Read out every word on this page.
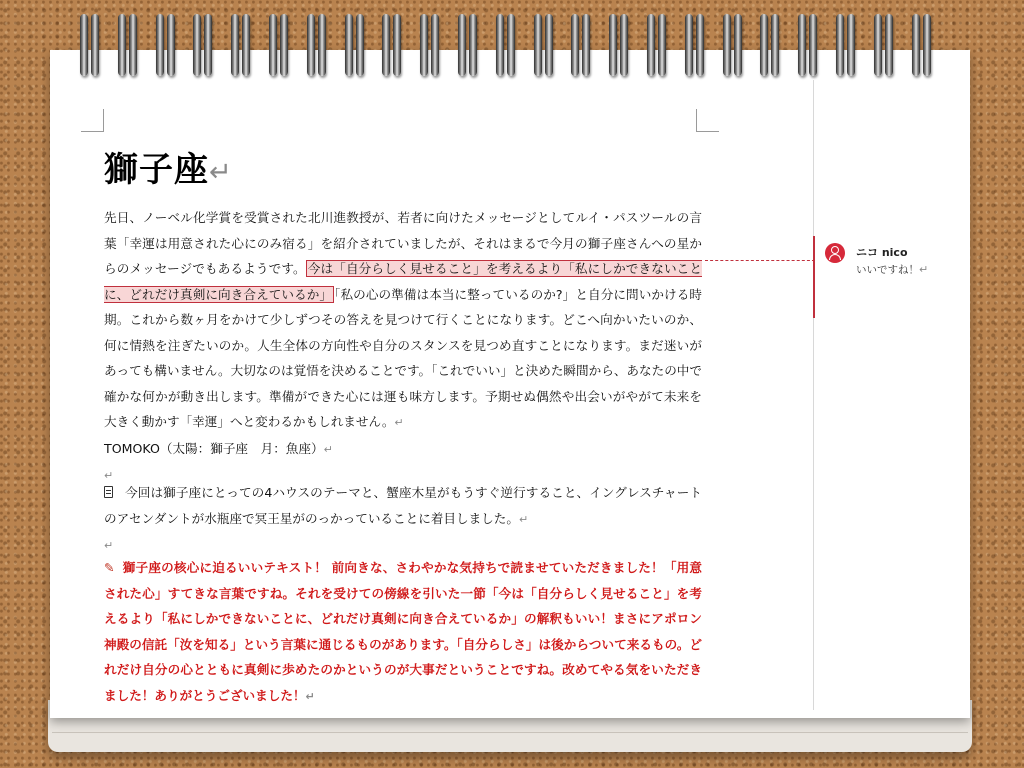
獅子座↵
先日、ノーベル化学賞を受賞された北川進教授が、若者に向けたメッセージとしてルイ・パスツールの言葉「幸運は用意された心にのみ宿る」を紹介されていましたが、それはまるで今月の獅子座さんへの星からのメッセージでもあるようです。 今は「自分らしく見せること」を考えるより「私にしかできないことに、どれだけ真剣に向き合えているか」 「私の心の準備は本当に整っているのか?」と自分に問いかける時期。これから数ヶ月をかけて少しずつその答えを見つけて行くことになります。どこへ向かいたいのか、何に情熱を注ぎたいのか。人生全体の方向性や自分のスタンスを見つめ直すことになります。まだ迷いがあっても構いません。大切なのは覚悟を決めることです。「これでいい」と決めた瞬間から、あなたの中で確かな何かが動き出します。準備ができた心には運も味方します。予期せぬ偶然や出会いがやがて未来を大きく動かす「幸運」へと変わるかもしれません。↵
TOMOKO（太陽：獅子座　月：魚座）↵
↵
今回は獅子座にとっての4ハウスのテーマと、蟹座木星がもうすぐ逆行すること、イングレスチャートのアセンダントが水瓶座で冥王星がのっかっていることに着目しました。↵
↵
✎ 獅子座の核心に迫るいいテキスト！ 前向きな、さわやかな気持ちで読ませていただきました！「用意された心」すてきな言葉ですね。それを受けての傍線を引いた一節「今は「自分らしく見せること」を考えるより「私にしかできないことに、どれだけ真剣に向き合えているか」の解釈もいい！まさにアポロン神殿の信託「汝を知る」という言葉に通じるものがあります。「自分らしさ」は後からついて来るもの。どれだけ自分の心とともに真剣に歩めたのかというのが大事だということですね。改めてやる気をいただきました！ありがとうございました！↵
ニコ nico
いいですね！↵
